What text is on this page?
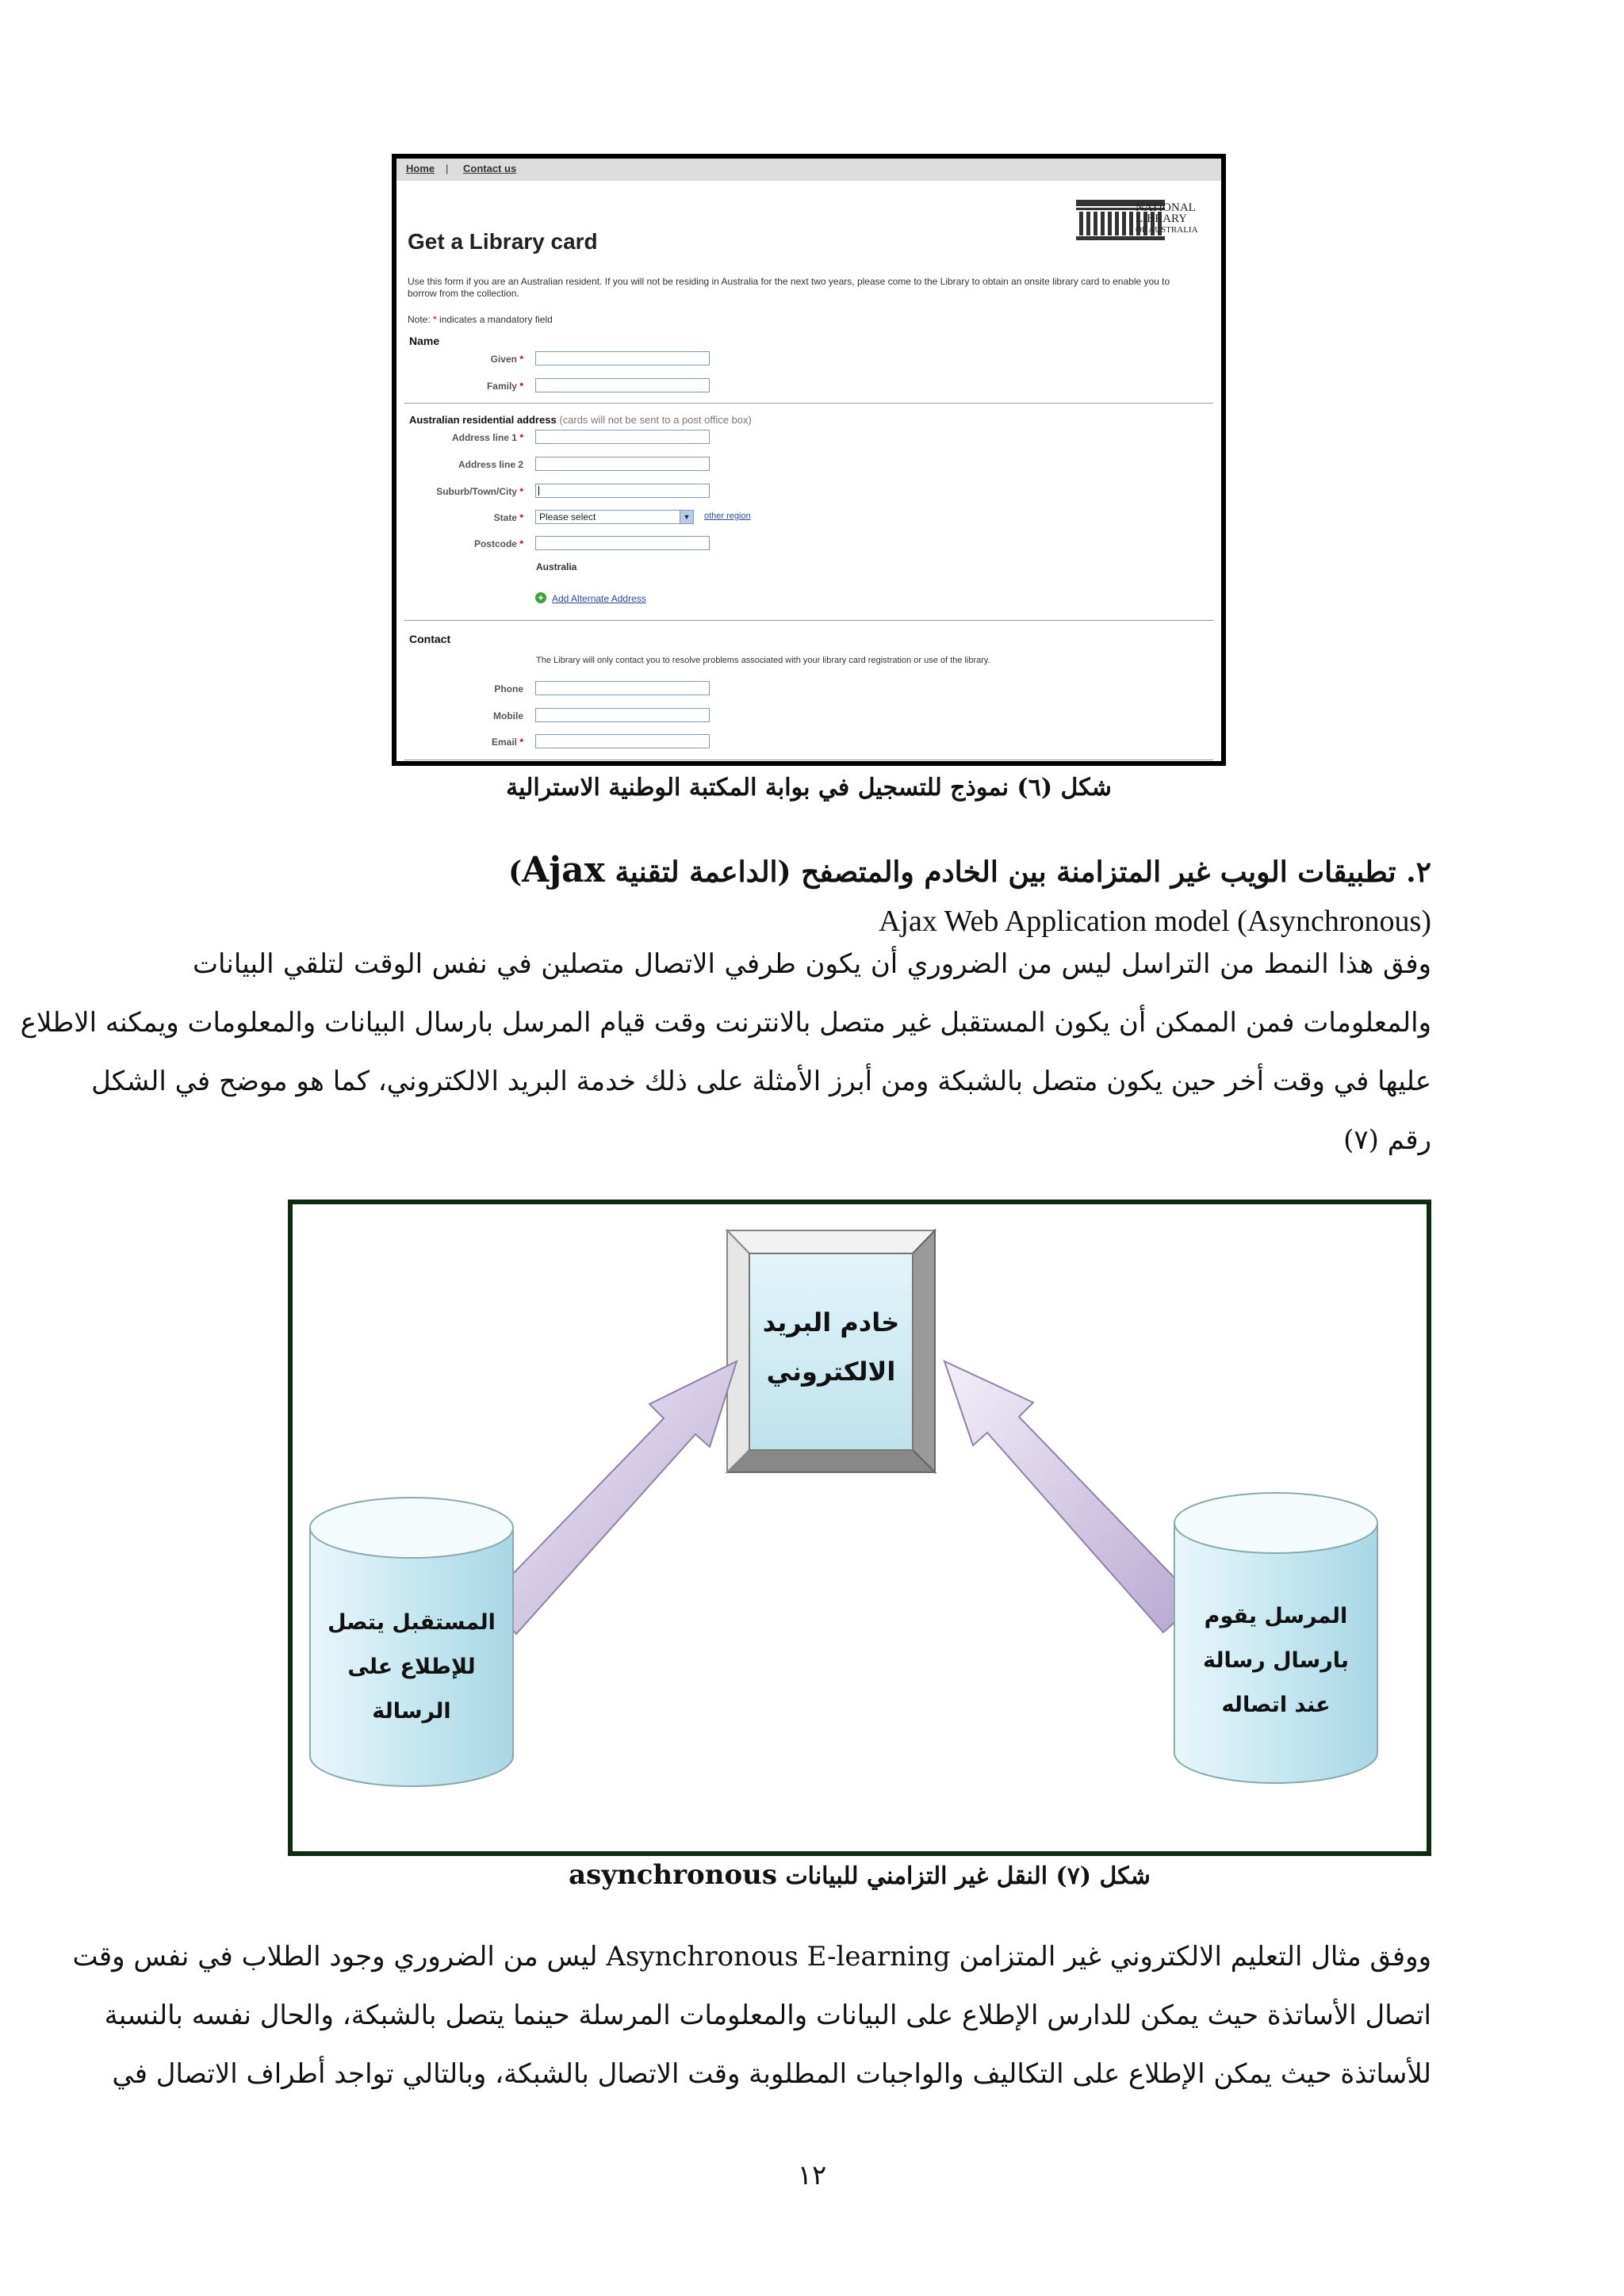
Home | Contact us
NATIONAL
LIBRARY
OF AUSTRALIA
Get a Library card
Use this form if you are an Australian resident. If you will not be residing in Australia for the next two years, please come to the Library to obtain an onsite library card to enable you to borrow from the collection.
Note: * indicates a mandatory field
Name
Given *
Family *
Australian residential address (cards will not be sent to a post office box)
Address line 1 *
Address line 2
Suburb/Town/City *
State *	Please select	▼	other region
Postcode *
Australia
+ Add Alternate Address
Contact
The Library will only contact you to resolve problems associated with your library card registration or use of the library.
Phone
Mobile
Email *
شكل (٦) نموذج للتسجيل في بوابة المكتبة الوطنية الاسترالية
٢. تطبيقات الويب غير المتزامنة بين الخادم والمتصفح (الداعمة لتقنية Ajax)
Ajax Web Application model (Asynchronous)
وفق هذا النمط من التراسل ليس من الضروري أن يكون طرفي الاتصال متصلين في نفس الوقت لتلقي البيانات
والمعلومات فمن الممكن أن يكون المستقبل غير متصل بالانترنت وقت قيام المرسل بارسال البيانات والمعلومات ويمكنه الاطلاع
عليها في وقت أخر حين يكون متصل بالشبكة ومن أبرز الأمثلة على ذلك خدمة البريد الالكتروني، كما هو موضح في الشكل
رقم (٧)
خادم البريد
الالكتروني
المستقبل يتصل
للإطلاع على
الرسالة
المرسل يقوم
بارسال رسالة
عند اتصاله
شكل (٧) النقل غير التزامني للبيانات asynchronous
ووفق مثال التعليم الالكتروني غير المتزامن Asynchronous E-learning ليس من الضروري وجود الطلاب في نفس وقت
اتصال الأساتذة حيث يمكن للدارس الإطلاع على البيانات والمعلومات المرسلة حينما يتصل بالشبكة، والحال نفسه بالنسبة
للأساتذة حيث يمكن الإطلاع على التكاليف والواجبات المطلوبة وقت الاتصال بالشبكة، وبالتالي تواجد أطراف الاتصال في
١٢
